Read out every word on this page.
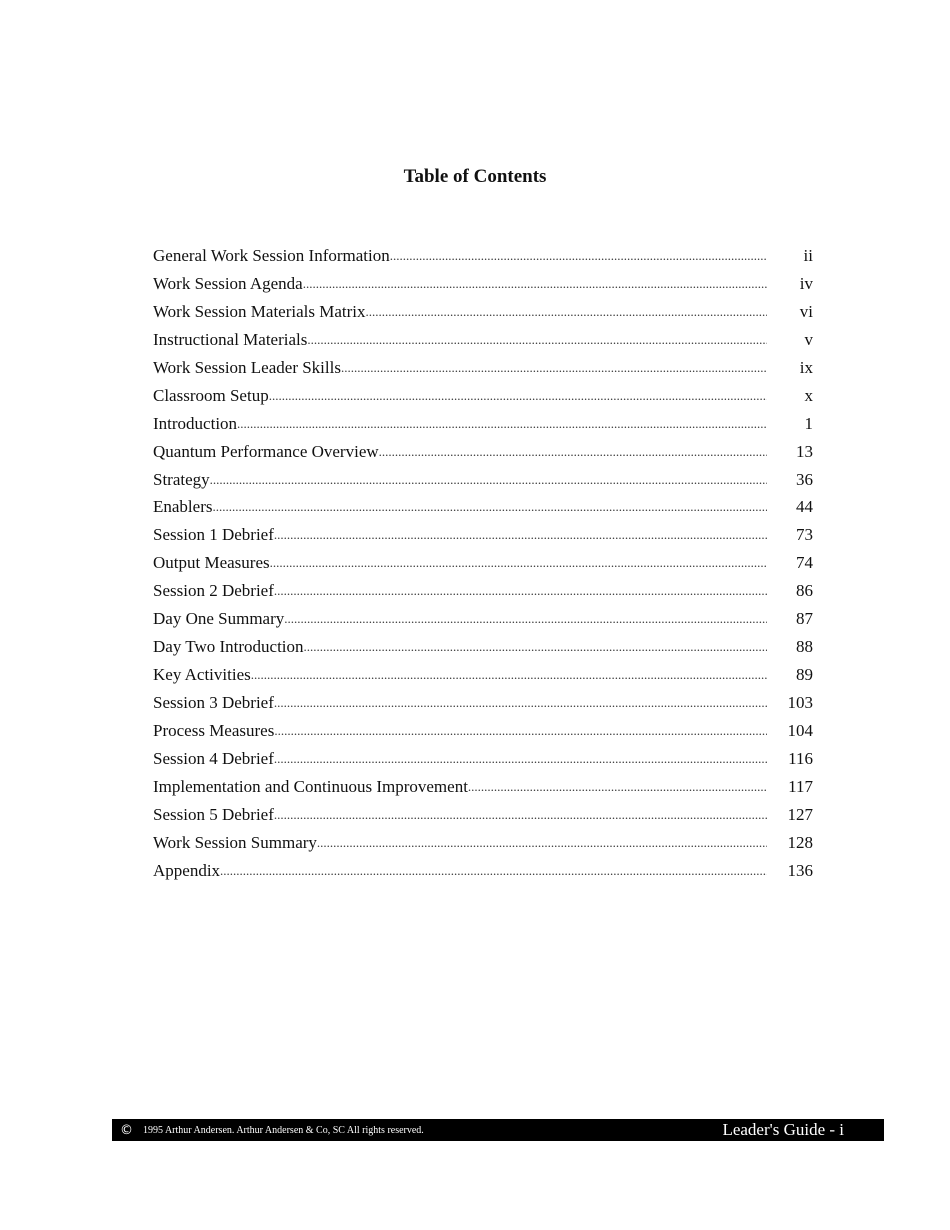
Table of Contents
General Work Session Information .....	ii
Work Session Agenda .....	iv
Work Session Materials Matrix .....	vi
Instructional Materials .....	v
Work Session Leader Skills .....	ix
Classroom Setup .....	x
Introduction .....	1
Quantum Performance Overview .....	13
Strategy .....	36
Enablers .....	44
Session 1 Debrief .....	73
Output Measures .....	74
Session 2 Debrief .....	86
Day One Summary .....	87
Day Two Introduction .....	88
Key Activities .....	89
Session 3 Debrief .....	103
Process Measures .....	104
Session 4 Debrief .....	116
Implementation and Continuous Improvement .....	117
Session 5 Debrief .....	127
Work Session Summary .....	128
Appendix .....	136
© 1995 Arthur Andersen. Arthur Andersen & Co, SC All rights reserved.	Leader's Guide - i
